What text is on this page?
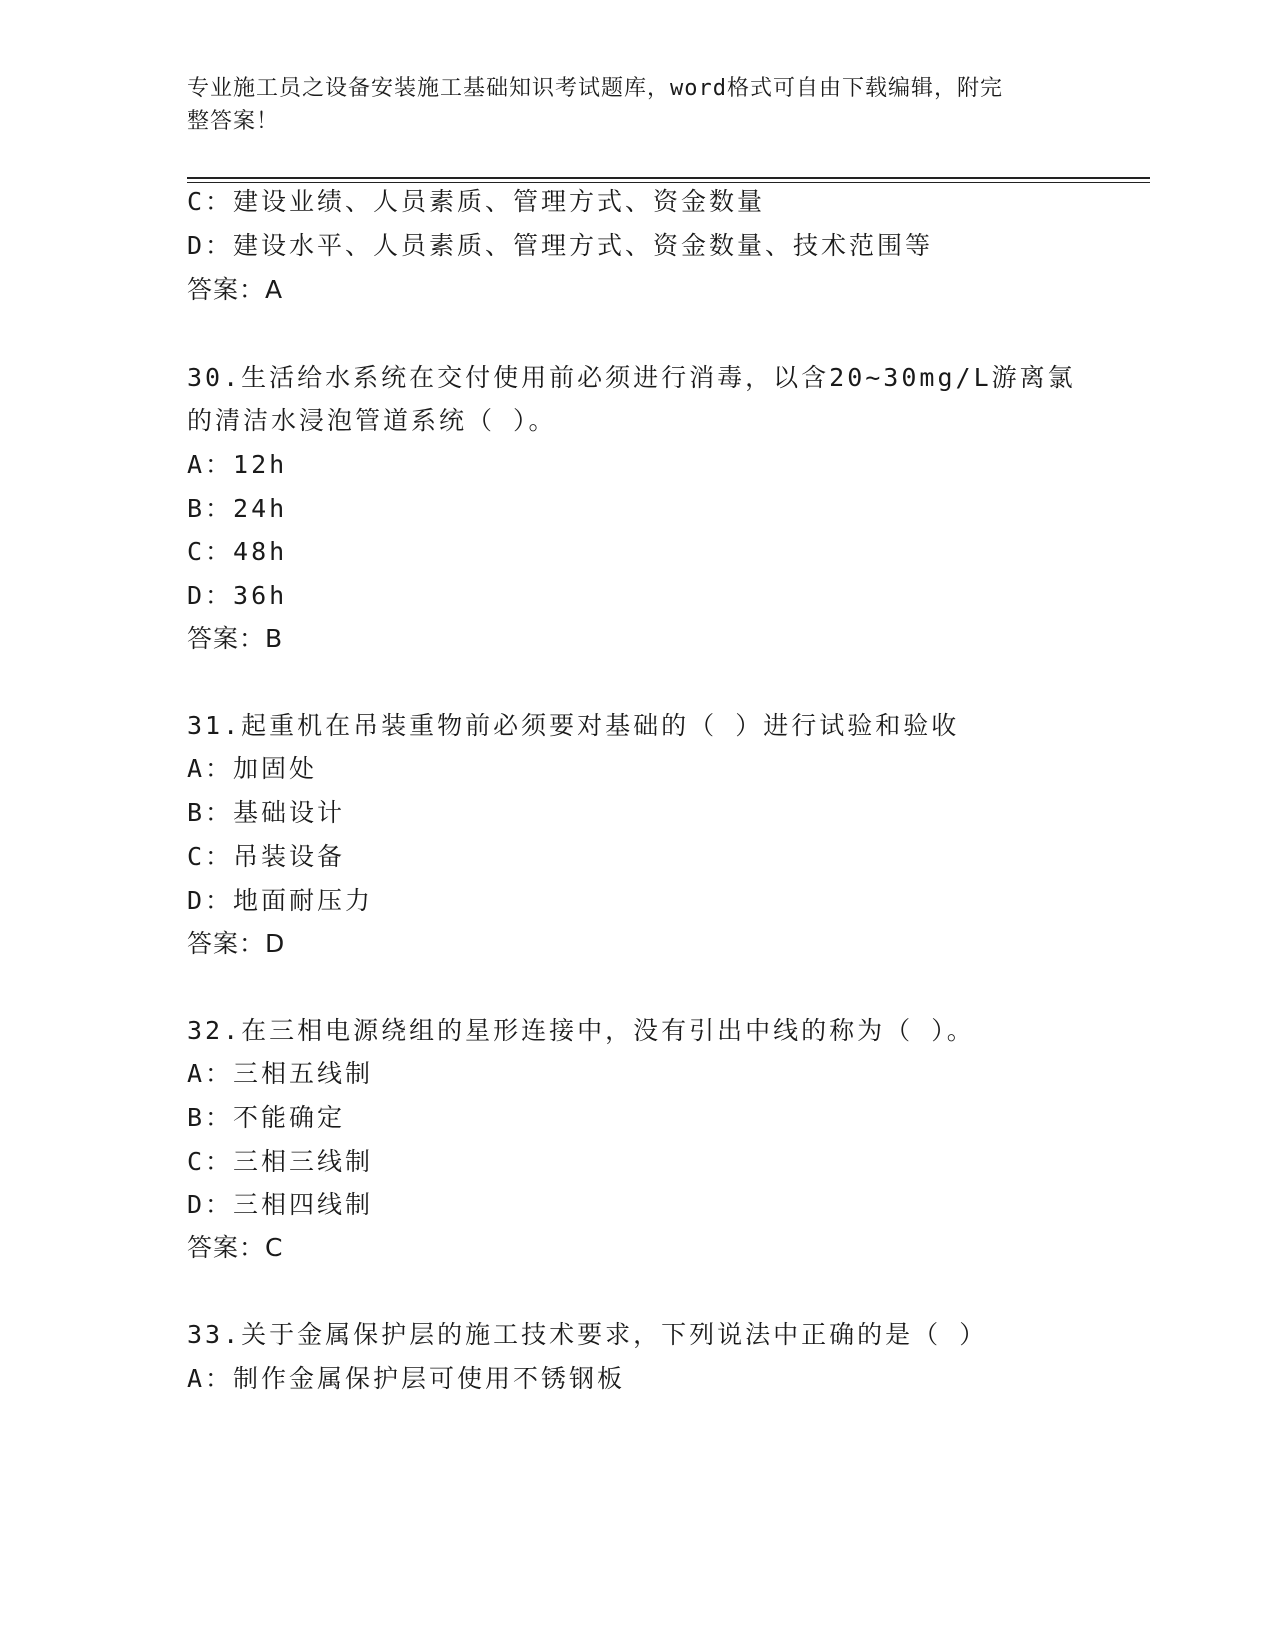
专业施工员之设备安装施工基础知识考试题库，word格式可自由下载编辑，附完
整答案！
C：建设业绩、人员素质、管理方式、资金数量
D：建设水平、人员素质、管理方式、资金数量、技术范围等
答案：A
30.生活给水系统在交付使用前必须进行消毒，以含20~30mg/L游离氯
的清洁水浸泡管道系统（ ）。
A：12h
B：24h
C：48h
D：36h
答案：B
31.起重机在吊装重物前必须要对基础的（ ）进行试验和验收
A：加固处
B：基础设计
C：吊装设备
D：地面耐压力
答案：D
32.在三相电源绕组的星形连接中，没有引出中线的称为（ ）。
A：三相五线制
B：不能确定
C：三相三线制
D：三相四线制
答案：C
33.关于金属保护层的施工技术要求，下列说法中正确的是（ ）
A：制作金属保护层可使用不锈钢板
